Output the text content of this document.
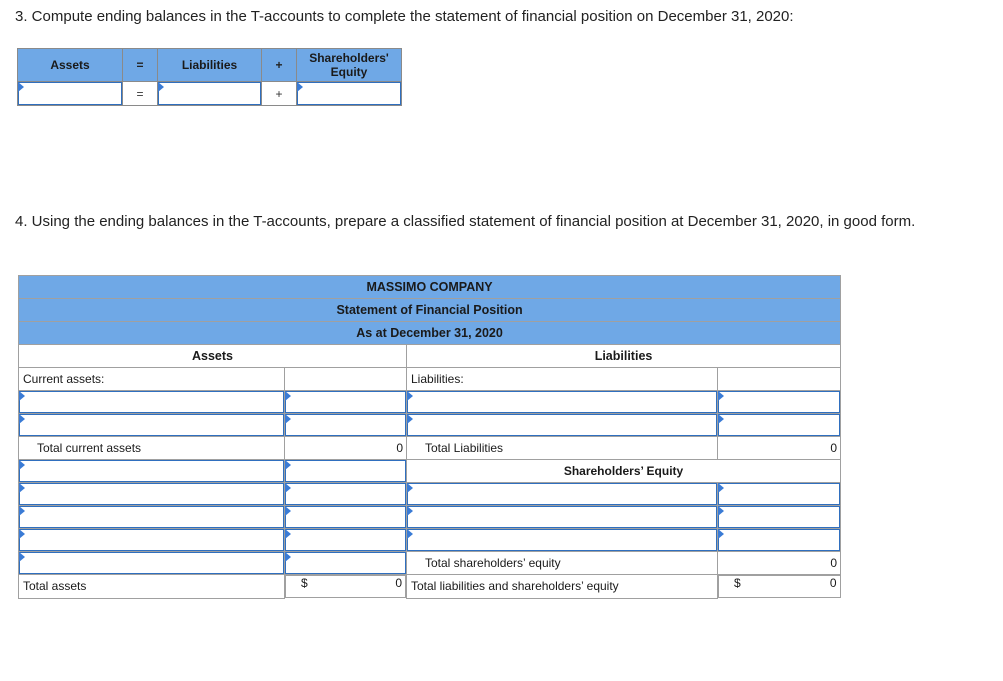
3. Compute ending balances in the T-accounts to complete the statement of financial position on December 31, 2020:
Assets	=	Liabilities	+	Shareholders' Equity

	=		+	
4. Using the ending balances in the T-accounts, prepare a classified statement of financial position at December 31, 2020, in good form.
MASSIMO COMPANY			
Statement of Financial Position			
As at December 31, 2020			
Assets		Liabilities	
Current assets:		Liabilities:	

Total current assets	0	Total Liabilities	0

	Shareholders’ Equity	

	Total shareholders’ equity	0
Total assets		$	0 Total liabilities and shareholders’ equity		$	0
